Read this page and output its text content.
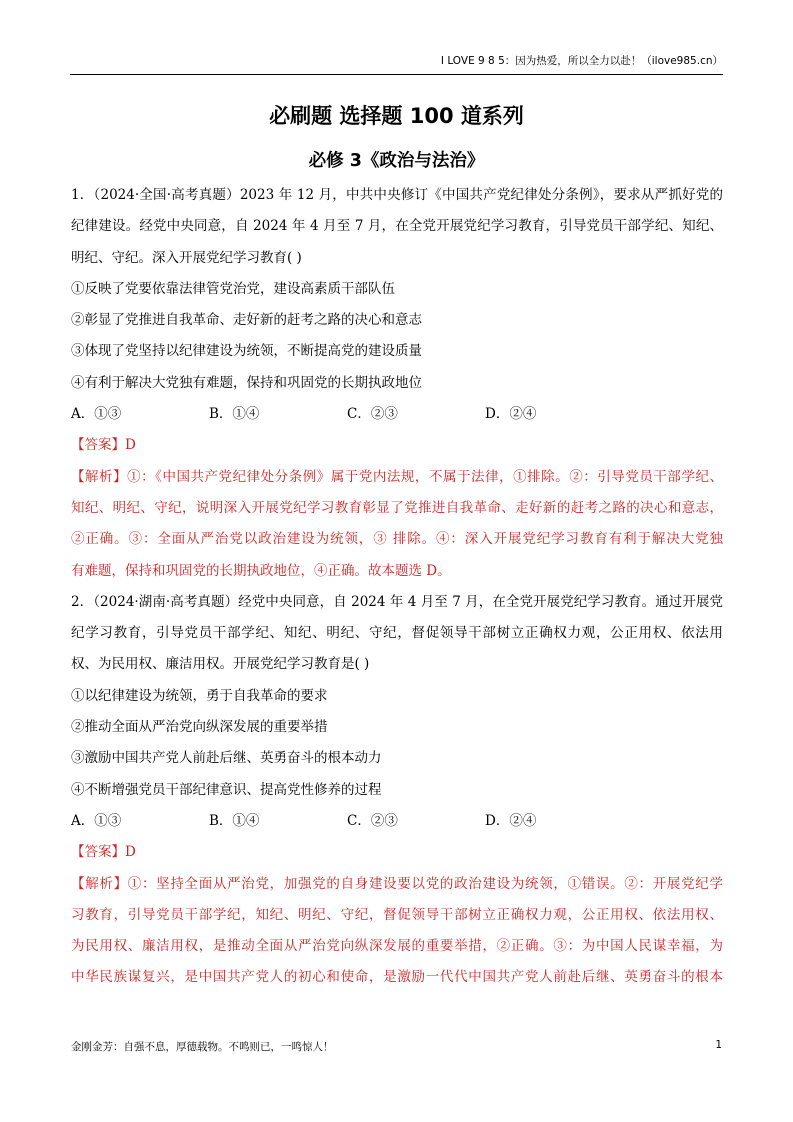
I LOVE 9 8 5：因为热爱，所以全力以赴！（ilove985.cn）
必刷题 选择题 100 道系列
必修 3《政治与法治》
1．（2024·全国·高考真题）2023 年 12 月，中共中央修订《中国共产党纪律处分条例》，要求从严抓好党的
纪律建设。经党中央同意，自 2024 年 4 月至 7 月，在全党开展党纪学习教育，引导党员干部学纪、知纪、
明纪、守纪。深入开展党纪学习教育( )
①反映了党要依靠法律管党治党，建设高素质干部队伍
②彰显了党推进自我革命、走好新的赶考之路的决心和意志
③体现了党坚持以纪律建设为统领，不断提高党的建设质量
④有利于解决大党独有难题，保持和巩固党的长期执政地位
A．①③	B．①④	C．②③	D．②④
【答案】D
【解析】①：《中国共产党纪律处分条例》属于党内法规，不属于法律，①排除。②：引导党员干部学纪、
知纪、明纪、守纪，说明深入开展党纪学习教育彰显了党推进自我革命、走好新的赶考之路的决心和意志，
②正确。③：全面从严治党以政治建设为统领，③ 排除。④：深入开展党纪学习教育有利于解决大党独
有难题，保持和巩固党的长期执政地位，④正确。故本题选 D。
2．（2024·湖南·高考真题）经党中央同意，自 2024 年 4 月至 7 月，在全党开展党纪学习教育。通过开展党
纪学习教育，引导党员干部学纪、知纪、明纪、守纪，督促领导干部树立正确权力观，公正用权、依法用
权、为民用权、廉洁用权。开展党纪学习教育是( )
①以纪律建设为统领，勇于自我革命的要求
②推动全面从严治党向纵深发展的重要举措
③激励中国共产党人前赴后继、英勇奋斗的根本动力
④不断增强党员干部纪律意识、提高党性修养的过程
A．①③	B．①④	C．②③	D．②④
【答案】D
【解析】①：坚持全面从严治党，加强党的自身建设要以党的政治建设为统领，①错误。②：开展党纪学
习教育，引导党员干部学纪，知纪、明纪、守纪，督促领导干部树立正确权力观，公正用权、依法用权、
为民用权、廉洁用权，是推动全面从严治党向纵深发展的重要举措，②正确。③：为中国人民谋幸福，为
中华民族谋复兴，是中国共产党人的初心和使命，是激励一代代中国共产党人前赴后继、英勇奋斗的根本
金刚金芳：自强不息，厚德载物。不鸣则已，一鸣惊人！	1
